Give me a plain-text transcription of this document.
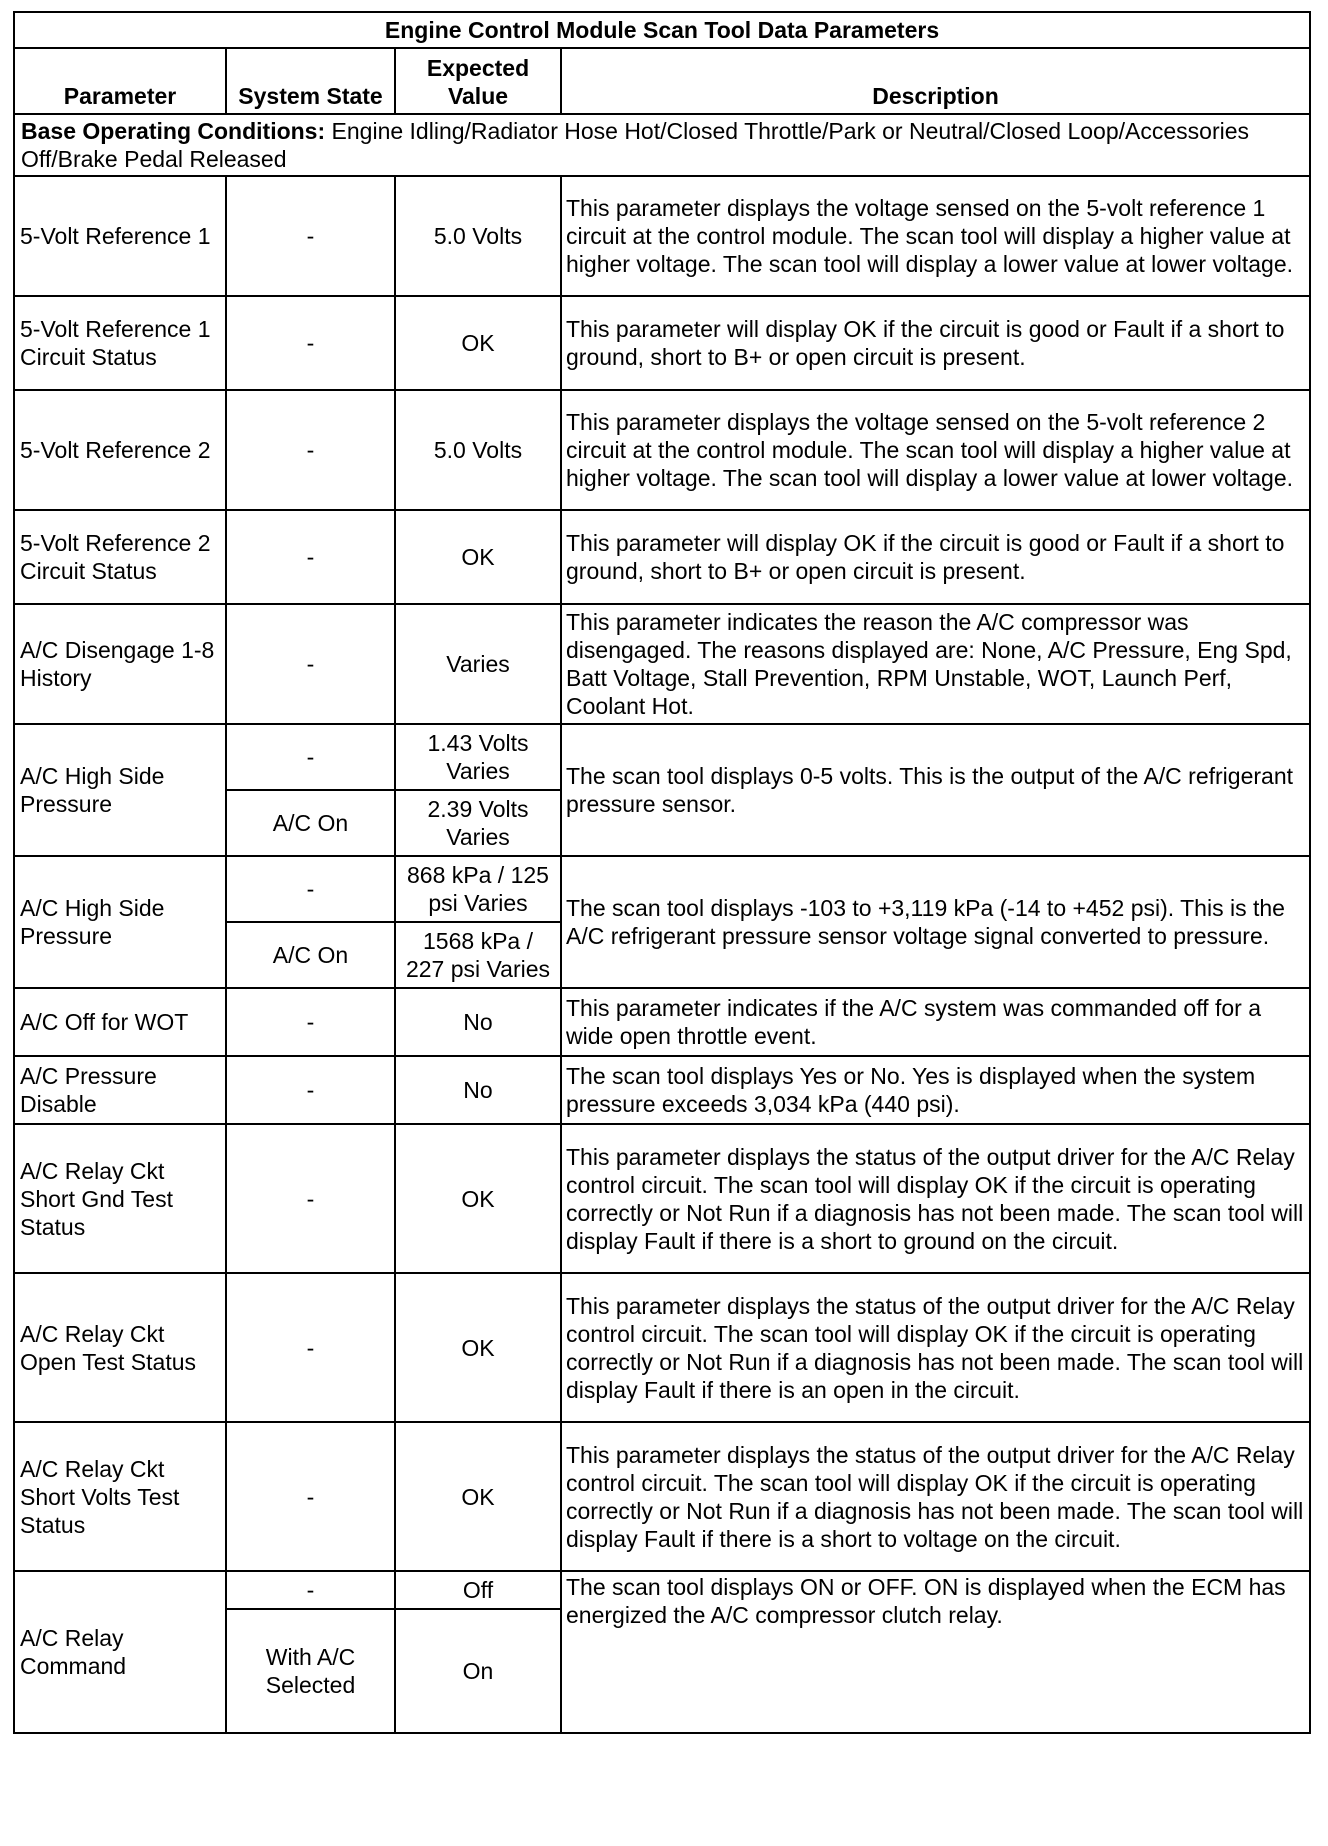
Engine Control Module Scan Tool Data Parameters			
Parameter	System State	Expected Value	Description
Base Operating Conditions: Engine Idling/Radiator Hose Hot/Closed Throttle/Park or Neutral/Closed Loop/Accessories Off/Brake Pedal Released			
5-Volt Reference 1	-	5.0 Volts	This parameter displays the voltage sensed on the 5-volt reference 1 circuit at the control module. The scan tool will display a higher value at higher voltage. The scan tool will display a lower value at lower voltage.
5-Volt Reference 1 Circuit Status	-	OK	This parameter will display OK if the circuit is good or Fault if a short to ground, short to B+ or open circuit is present.
5-Volt Reference 2	-	5.0 Volts	This parameter displays the voltage sensed on the 5-volt reference 2 circuit at the control module. The scan tool will display a higher value at higher voltage. The scan tool will display a lower value at lower voltage.
5-Volt Reference 2 Circuit Status	-	OK	This parameter will display OK if the circuit is good or Fault if a short to ground, short to B+ or open circuit is present.
A/C Disengage 1-8 History	-	Varies	This parameter indicates the reason the A/C compressor was disengaged. The reasons displayed are: None, A/C Pressure, Eng Spd, Batt Voltage, Stall Prevention, RPM Unstable, WOT, Launch Perf, Coolant Hot.
A/C High Side Pressure	-	1.43 Volts Varies	The scan tool displays 0-5 volts. This is the output of the A/C refrigerant pressure sensor.
	A/C On	2.39 Volts Varies	
A/C High Side Pressure	-	868 kPa / 125 psi Varies	The scan tool displays -103 to +3,119 kPa (-14 to +452 psi). This is the A/C refrigerant pressure sensor voltage signal converted to pressure.
	A/C On	1568 kPa / 227 psi Varies	
A/C Off for WOT	-	No	This parameter indicates if the A/C system was commanded off for a wide open throttle event.
A/C Pressure Disable	-	No	The scan tool displays Yes or No. Yes is displayed when the system pressure exceeds 3,034 kPa (440 psi).
A/C Relay Ckt Short Gnd Test Status	-	OK	This parameter displays the status of the output driver for the A/C Relay control circuit. The scan tool will display OK if the circuit is operating correctly or Not Run if a diagnosis has not been made. The scan tool will display Fault if there is a short to ground on the circuit.
A/C Relay Ckt Open Test Status	-	OK	This parameter displays the status of the output driver for the A/C Relay control circuit. The scan tool will display OK if the circuit is operating correctly or Not Run if a diagnosis has not been made. The scan tool will display Fault if there is an open in the circuit.
A/C Relay Ckt Short Volts Test Status	-	OK	This parameter displays the status of the output driver for the A/C Relay control circuit. The scan tool will display OK if the circuit is operating correctly or Not Run if a diagnosis has not been made. The scan tool will display Fault if there is a short to voltage on the circuit.
A/C Relay Command	-	Off	The scan tool displays ON or OFF. ON is displayed when the ECM has energized the A/C compressor clutch relay.
	With A/C Selected	On	
